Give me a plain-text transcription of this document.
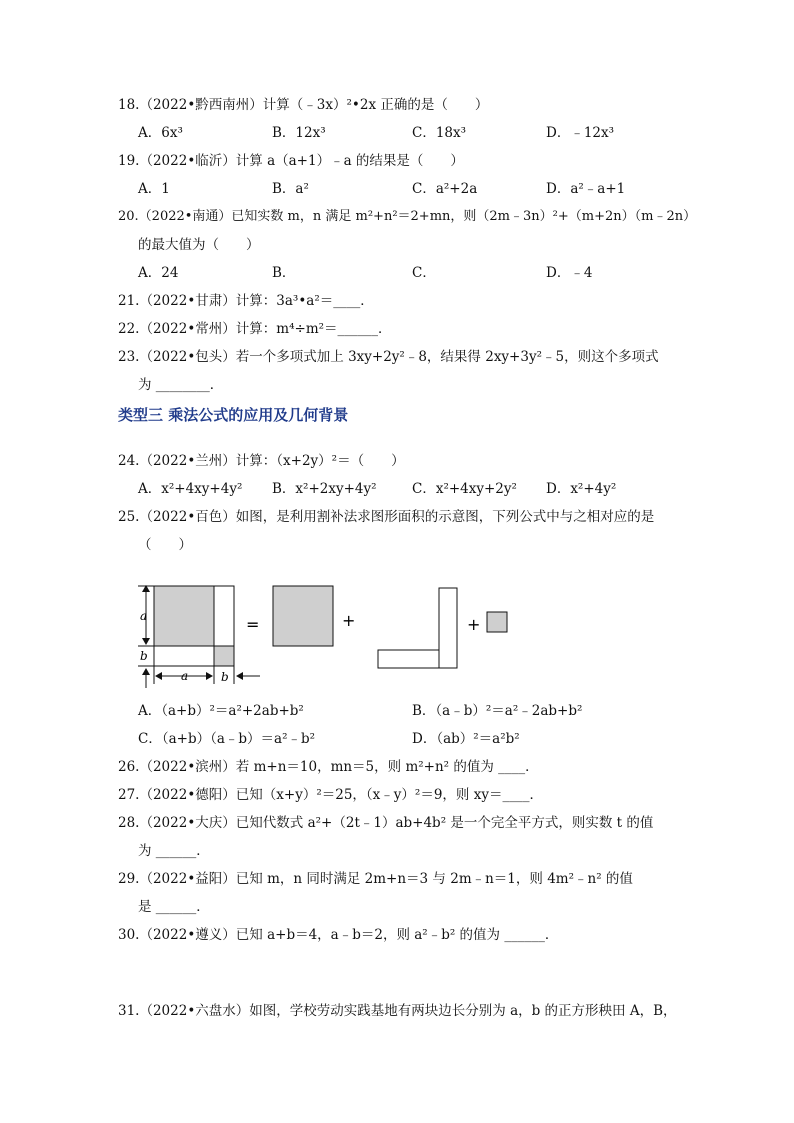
18.（2022•黔西南州）计算（﹣3x）²•2x 正确的是（　　）
A．6x³	B．12x³	C．18x³	D．﹣12x³
19.（2022•临沂）计算 a（a+1）﹣a 的结果是（　　）
A．1	B．a²	C．a²+2a	D．a²﹣a+1
20.（2022•南通）已知实数 m，n 满足 m²+n²＝2+mn，则（2m﹣3n）²+（m+2n）（m﹣2n）
的最大值为（　　）
A．24	B．	C．	D．﹣4
21.（2022•甘肃）计算：3a³•a²＝____．
22.（2022•常州）计算：m⁴÷m²＝______．
23.（2022•包头）若一个多项式加上 3xy+2y²﹣8，结果得 2xy+3y²﹣5，则这个多项式
为 ________．
类型三 乘法公式的应用及几何背景
24.（2022•兰州）计算：（x+2y）²＝（　　）
A．x²+4xy+4y² B．x²+2xy+4y²	C．x²+4xy+2y² D．x²+4y²
25.（2022•百色）如图，是利用割补法求图形面积的示意图，下列公式中与之相对应的是
（　　）
a
b
a	b
=	+	+
A．（a+b）²＝a²+2ab+b²	B．（a﹣b）²＝a²﹣2ab+b²
C．（a+b）（a﹣b）＝a²﹣b²	D．（ab）²＝a²b²
26.（2022•滨州）若 m+n＝10，mn＝5，则 m²+n² 的值为 ____．
27.（2022•德阳）已知（x+y）²＝25，（x﹣y）²＝9，则 xy＝____．
28.（2022•大庆）已知代数式 a²+（2t﹣1）ab+4b² 是一个完全平方式，则实数 t 的值
为 ______．
29.（2022•益阳）已知 m，n 同时满足 2m+n＝3 与 2m﹣n＝1，则 4m²﹣n² 的值
是 ______．
30.（2022•遵义）已知 a+b＝4，a﹣b＝2，则 a²﹣b² 的值为 ______．
31.（2022•六盘水）如图，学校劳动实践基地有两块边长分别为 a，b 的正方形秧田 A，B，
